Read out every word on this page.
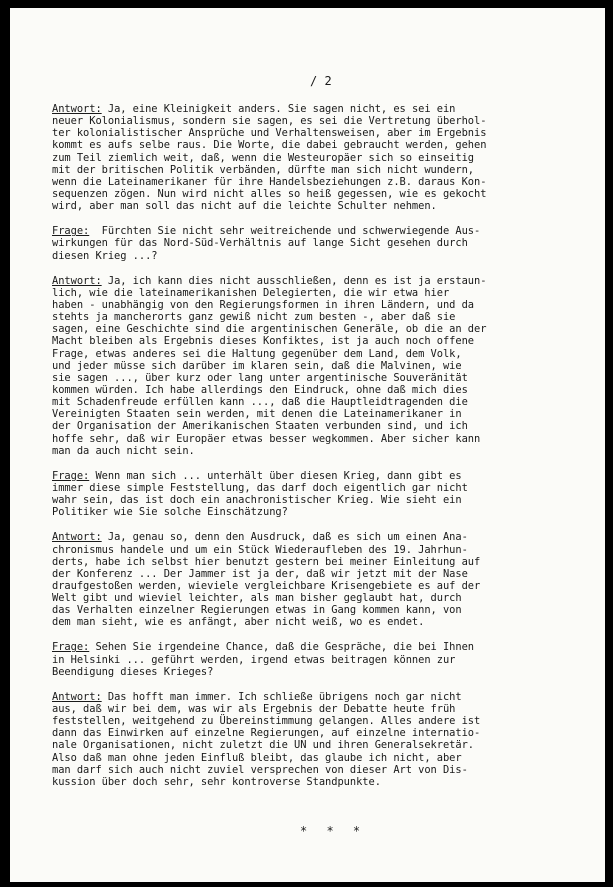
/ 2
Antwort: Ja, eine Kleinigkeit anders. Sie sagen nicht, es sei ein
neuer Kolonialismus, sondern sie sagen, es sei die Vertretung überhol-
ter kolonialistischer Ansprüche und Verhaltensweisen, aber im Ergebnis
kommt es aufs selbe raus. Die Worte, die dabei gebraucht werden, gehen
zum Teil ziemlich weit, daß, wenn die Westeuropäer sich so einseitig
mit der britischen Politik verbänden, dürfte man sich nicht wundern,
wenn die Lateinamerikaner für ihre Handelsbeziehungen z.B. daraus Kon-
sequenzen zögen. Nun wird nicht alles so heiß gegessen, wie es gekocht
wird, aber man soll das nicht auf die leichte Schulter nehmen.
Frage:  Fürchten Sie nicht sehr weitreichende und schwerwiegende Aus-
wirkungen für das Nord-Süd-Verhältnis auf lange Sicht gesehen durch
diesen Krieg ...?
Antwort: Ja, ich kann dies nicht ausschließen, denn es ist ja erstaun-
lich, wie die lateinamerikanishen Delegierten, die wir etwa hier
haben - unabhängig von den Regierungsformen in ihren Ländern, und da
stehts ja mancherorts ganz gewiß nicht zum besten -, aber daß sie
sagen, eine Geschichte sind die argentinischen Generäle, ob die an der
Macht bleiben als Ergebnis dieses Konfiktes, ist ja auch noch offene
Frage, etwas anderes sei die Haltung gegenüber dem Land, dem Volk,
und jeder müsse sich darüber im klaren sein, daß die Malvinen, wie
sie sagen ..., über kurz oder lang unter argentinische Souveränität
kommen würden. Ich habe allerdings den Eindruck, ohne daß mich dies
mit Schadenfreude erfüllen kann ..., daß die Hauptleidtragenden die
Vereinigten Staaten sein werden, mit denen die Lateinamerikaner in
der Organisation der Amerikanischen Staaten verbunden sind, und ich
hoffe sehr, daß wir Europäer etwas besser wegkommen. Aber sicher kann
man da auch nicht sein.
Frage: Wenn man sich ... unterhält über diesen Krieg, dann gibt es
immer diese simple Feststellung, das darf doch eigentlich gar nicht
wahr sein, das ist doch ein anachronistischer Krieg. Wie sieht ein
Politiker wie Sie solche Einschätzung?
Antwort: Ja, genau so, denn den Ausdruck, daß es sich um einen Ana-
chronismus handele und um ein Stück Wiederaufleben des 19. Jahrhun-
derts, habe ich selbst hier benutzt gestern bei meiner Einleitung auf
der Konferenz ... Der Jammer ist ja der, daß wir jetzt mit der Nase
draufgestoßen werden, wieviele vergleichbare Krisengebiete es auf der
Welt gibt und wieviel leichter, als man bisher geglaubt hat, durch
das Verhalten einzelner Regierungen etwas in Gang kommen kann, von
dem man sieht, wie es anfängt, aber nicht weiß, wo es endet.
Frage: Sehen Sie irgendeine Chance, daß die Gespräche, die bei Ihnen
in Helsinki ... geführt werden, irgend etwas beitragen können zur
Beendigung dieses Krieges?
Antwort: Das hofft man immer. Ich schließe übrigens noch gar nicht
aus, daß wir bei dem, was wir als Ergebnis der Debatte heute früh
feststellen, weitgehend zu Übereinstimmung gelangen. Alles andere ist
dann das Einwirken auf einzelne Regierungen, auf einzelne internatio-
nale Organisationen, nicht zuletzt die UN und ihren Generalsekretär.
Also daß man ohne jeden Einfluß bleibt, das glaube ich nicht, aber
man darf sich auch nicht zuviel versprechen von dieser Art von Dis-
kussion über doch sehr, sehr kontroverse Standpunkte.
* * *
